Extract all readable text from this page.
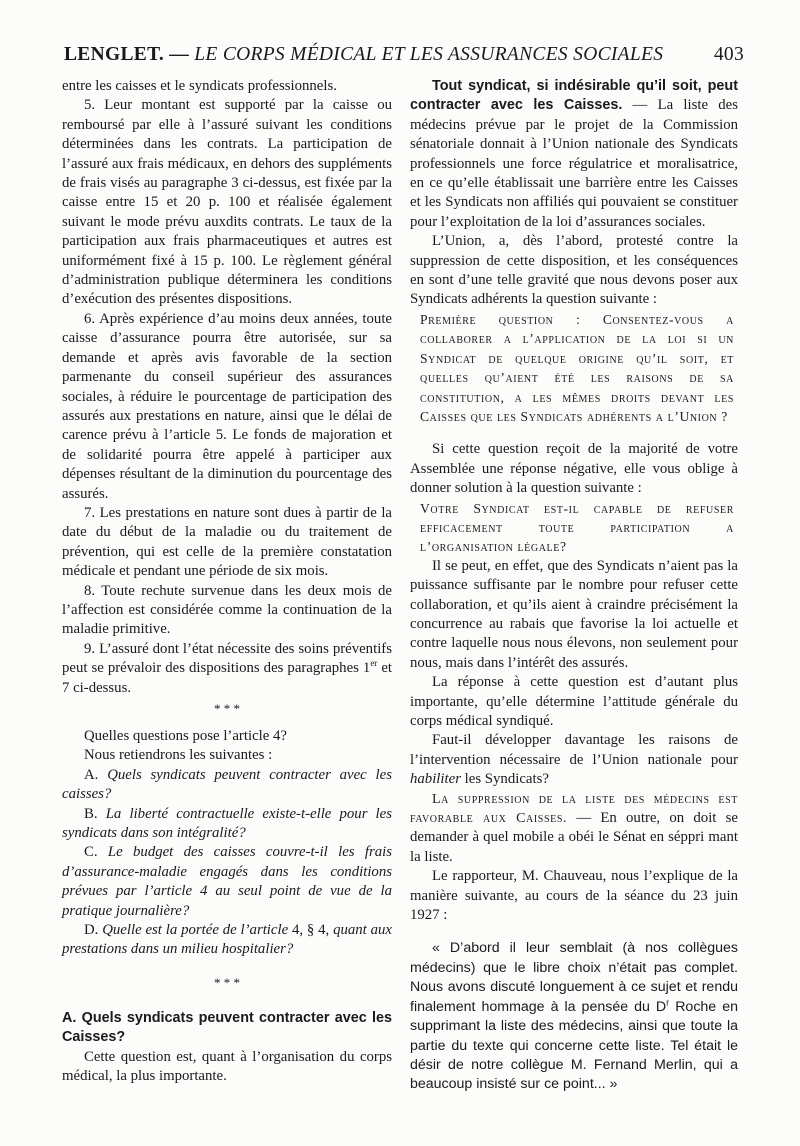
LENGLET. — LE CORPS MÉDICAL ET LES ASSURANCES SOCIALES	403

entre les caisses et le syndicats professionnels.

5. Leur montant est supporté par la caisse ou remboursé par elle à l’assuré suivant les conditions déterminées dans les contrats. La participation de l’assuré aux frais médicaux, en dehors des suppléments de frais visés au paragraphe 3 ci-dessus, est fixée par la caisse entre 15 et 20 p. 100 et réalisée également suivant le mode prévu auxdits contrats. Le taux de la participation aux frais pharmaceutiques et autres est uniformément fixé à 15 p. 100. Le règlement général d’administration publique déterminera les conditions d’exécution des présentes dispositions.

6. Après expérience d’au moins deux années, toute caisse d’assurance pourra être autorisée, sur sa demande et après avis favorable de la section parmenante du conseil supérieur des assurances sociales, à réduire le pourcentage de participation des assurés aux prestations en nature, ainsi que le délai de carence prévu à l’article 5. Le fonds de majoration et de solidarité pourra être appelé à participer aux dépenses résultant de la diminution du pourcentage des assurés.

7. Les prestations en nature sont dues à partir de la date du début de la maladie ou du traitement de prévention, qui est celle de la première constatation médicale et pendant une période de six mois.

8. Toute rechute survenue dans les deux mois de l’affection est considérée comme la continuation de la maladie primitive.

9. L’assuré dont l’état nécessite des soins préventifs peut se prévaloir des dispositions des paragraphes 1er et 7 ci-dessus.

* * *

Quelles questions pose l’article 4?

Nous retiendrons les suivantes :

A. Quels syndicats peuvent contracter avec les caisses?

B. La liberté contractuelle existe-t-elle pour les syndicats dans son intégralité?

C. Le budget des caisses couvre-t-il les frais d’assurance-maladie engagés dans les conditions prévues par l’article 4 au seul point de vue de la pratique journalière?

D. Quelle est la portée de l’article 4, § 4, quant aux prestations dans un milieu hospitalier?

* * *

A. Quels syndicats peuvent contracter avec les Caisses?

Cette question est, quant à l’organisation du corps médical, la plus importante.

Tout syndicat, si indésirable qu’il soit, peut contracter avec les Caisses. — La liste des médecins prévue par le projet de la Commission sénatoriale donnait à l’Union nationale des Syndicats professionnels une force régulatrice et moralisatrice, en ce qu’elle établissait une barrière entre les Caisses et les Syndicats non affiliés qui pouvaient se constituer pour l’exploitation de la loi d’assurances sociales.

L’Union, a, dès l’abord, protesté contre la suppression de cette disposition, et les conséquences en sont d’une telle gravité que nous devons poser aux Syndicats adhérents la question suivante :

Première question : Consentez-vous a collaborer a l’application de la loi si un Syndicat de quelque origine qu’il soit, et quelles qu’aient été les raisons de sa constitution, a les mêmes droits devant les Caisses que les Syndicats adhérents a l’Union ?

Si cette question reçoit de la majorité de votre Assemblée une réponse négative, elle vous oblige à donner solution à la question suivante :

Votre Syndicat est-il capable de refuser efficacement toute participation a l’organisation légale?

Il se peut, en effet, que des Syndicats n’aient pas la puissance suffisante par le nombre pour refuser cette collaboration, et qu’ils aient à craindre précisément la concurrence au rabais que favorise la loi actuelle et contre laquelle nous nous élevons, non seulement pour nous, mais dans l’intérêt des assurés.

La réponse à cette question est d’autant plus importante, qu’elle détermine l’attitude générale du corps médical syndiqué.

Faut-il développer davantage les raisons de l’intervention nécessaire de l’Union nationale pour habiliter les Syndicats?

La suppression de la liste des médecins est favorable aux Caisses. — En outre, on doit se demander à quel mobile a obéi le Sénat en séppri mant la liste.

Le rapporteur, M. Chauveau, nous l’explique de la manière suivante, au cours de la séance du 23 juin 1927 :

« D’abord il leur semblait (à nos collègues médecins) que le libre choix n’était pas complet. Nous avons discuté longuement à ce sujet et rendu finalement hommage à la pensée du $D^r$ Roche en supprimant la liste des médecins, ainsi que toute la partie du texte qui concerne cette liste. Tel était le désir de notre collègue M. Fernand Merlin, qui a beaucoup insisté sur ce point... »
